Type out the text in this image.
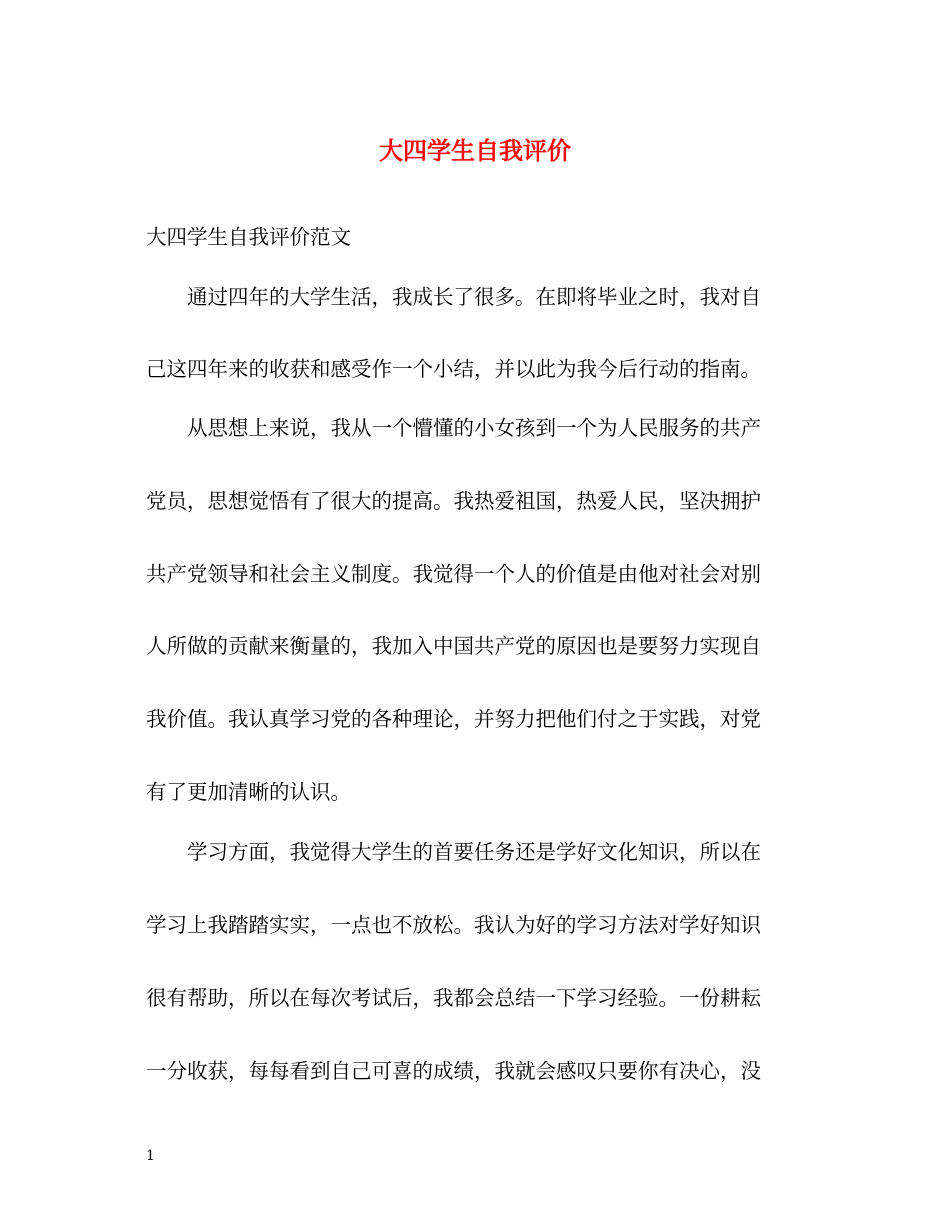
大四学生自我评价
大四学生自我评价范文
　　通过四年的大学生活，我成长了很多。在即将毕业之时，我对自
己这四年来的收获和感受作一个小结，并以此为我今后行动的指南。
　　从思想上来说，我从一个懵懂的小女孩到一个为人民服务的共产
党员，思想觉悟有了很大的提高。我热爱祖国，热爱人民，坚决拥护
共产党领导和社会主义制度。我觉得一个人的价值是由他对社会对别
人所做的贡献来衡量的，我加入中国共产党的原因也是要努力实现自
我价值。我认真学习党的各种理论，并努力把他们付之于实践，对党
有了更加清晰的认识。
　　学习方面，我觉得大学生的首要任务还是学好文化知识，所以在
学习上我踏踏实实，一点也不放松。我认为好的学习方法对学好知识
很有帮助，所以在每次考试后，我都会总结一下学习经验。一份耕耘
一分收获，每每看到自己可喜的成绩，我就会感叹只要你有决心，没
1
